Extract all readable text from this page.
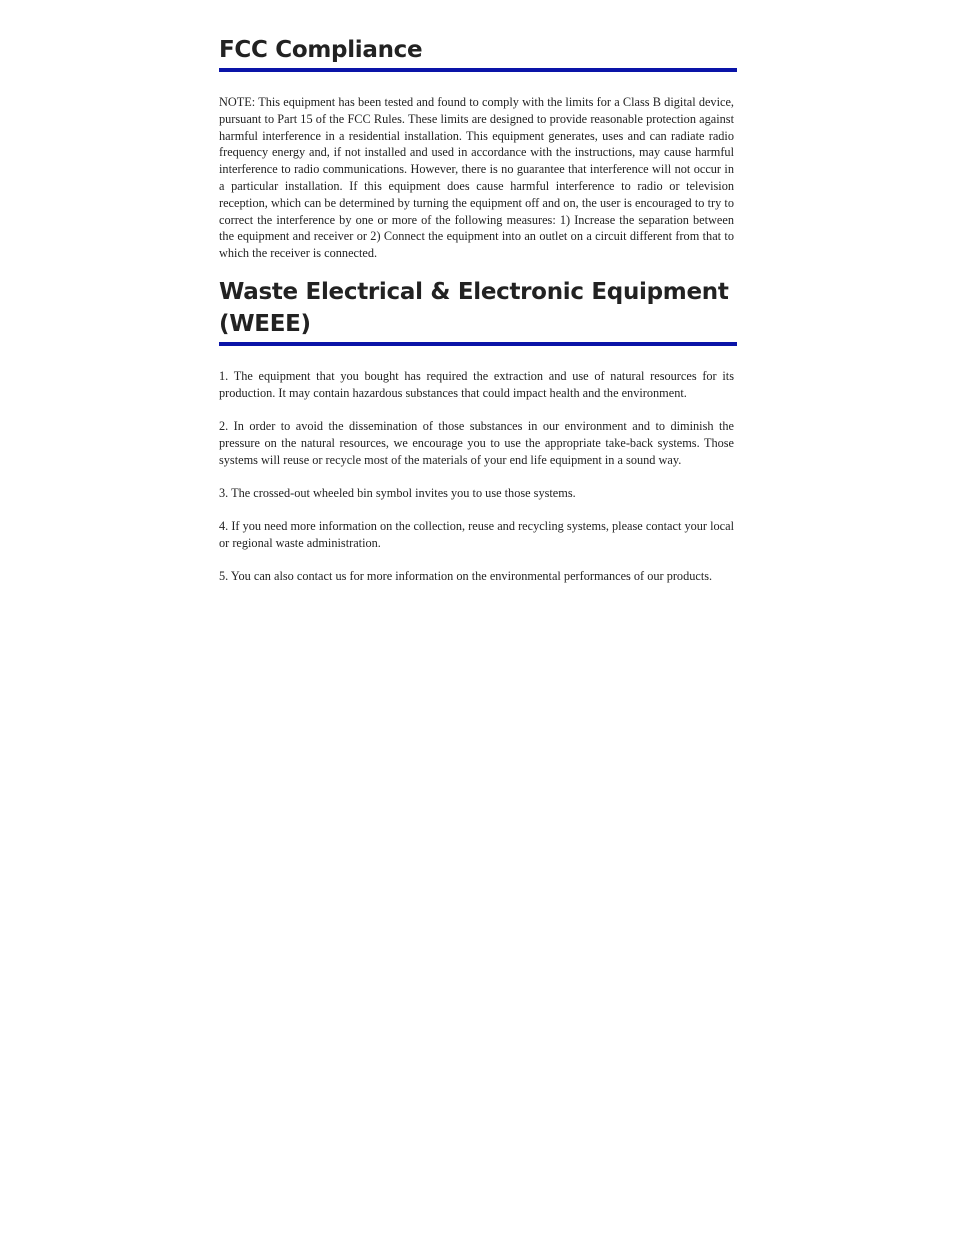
FCC Compliance

NOTE: This equipment has been tested and found to comply with the limits for a Class B digital device, pursuant to Part 15 of the FCC Rules. These limits are designed to provide reasonable protection against harmful interference in a residential installation. This equipment generates, uses and can radiate radio frequency energy and, if not installed and used in accordance with the instructions, may cause harmful interference to radio communications. However, there is no guarantee that interference will not occur in a particular installation. If this equipment does cause harmful interference to radio or television reception, which can be determined by turning the equipment off and on, the user is encouraged to try to correct the interference by one or more of the following measures: 1) Increase the separation between the equipment and receiver or 2) Connect the equipment into an outlet on a circuit different from that to which the receiver is connected.

Waste Electrical & Electronic Equipment (WEEE)

1. The equipment that you bought has required the extraction and use of natural resources for its production. It may contain hazardous substances that could impact health and the environment.

2. In order to avoid the dissemination of those substances in our environment and to diminish the pressure on the natural resources, we encourage you to use the appropriate take-back systems. Those systems will reuse or recycle most of the materials of your end life equipment in a sound way.

3. The crossed-out wheeled bin symbol invites you to use those systems.

4. If you need more information on the collection, reuse and recycling systems, please contact your local or regional waste administration.

5. You can also contact us for more information on the environmental performances of our products.
